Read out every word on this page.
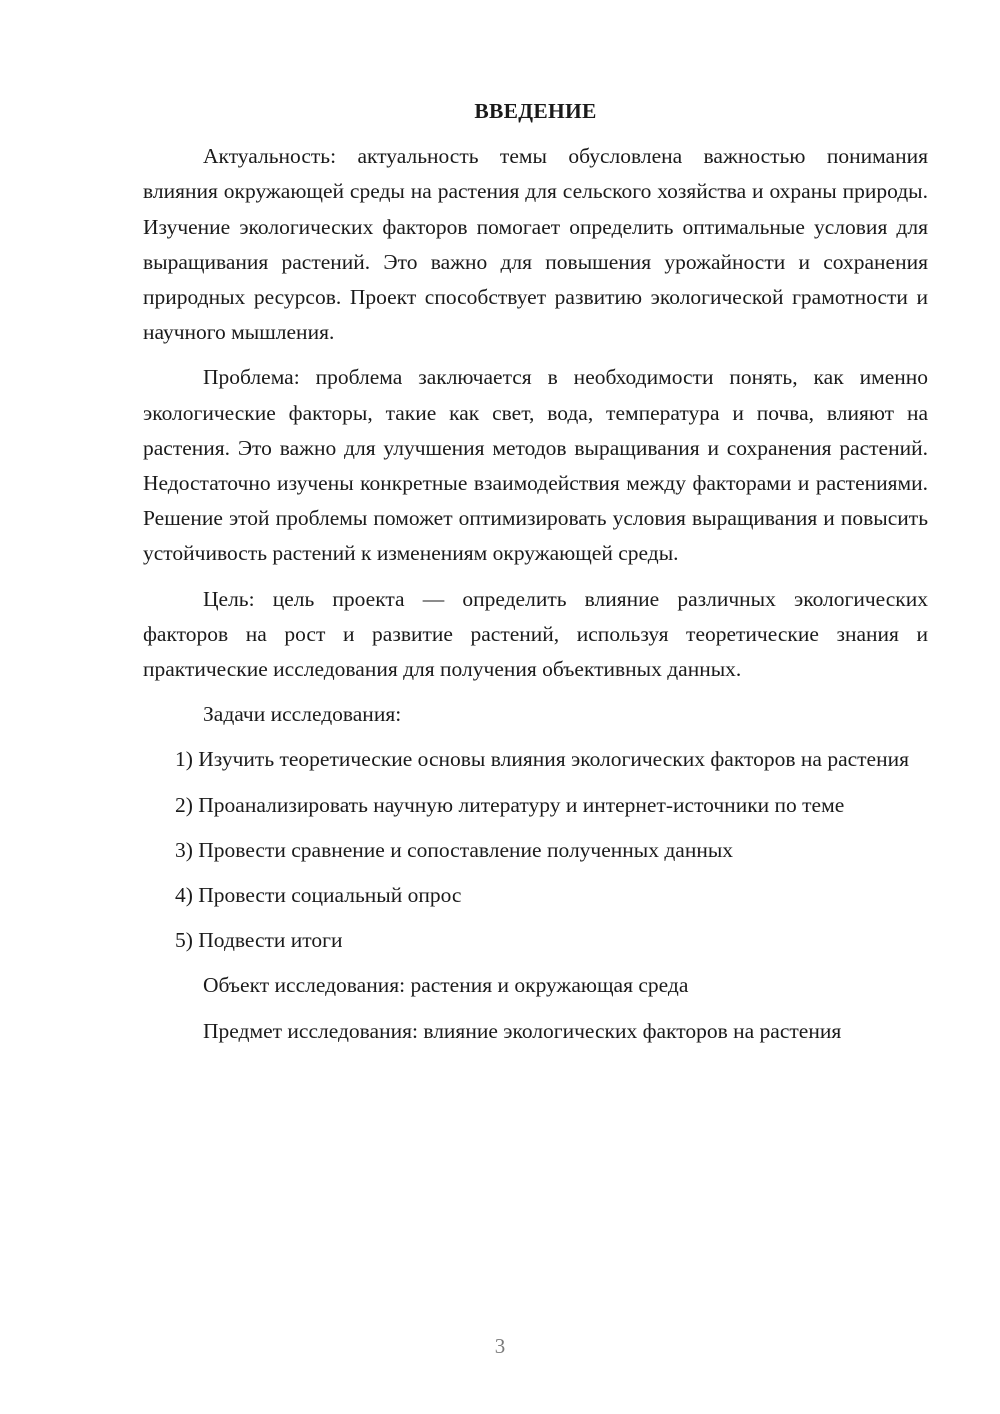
ВВЕДЕНИЕ

Актуальность: актуальность темы обусловлена важностью понимания влияния окружающей среды на растения для сельского хозяйства и охраны природы. Изучение экологических факторов помогает определить оптимальные условия для выращивания растений. Это важно для повышения урожайности и сохранения природных ресурсов. Проект способствует развитию экологической грамотности и научного мышления.

Проблема: проблема заключается в необходимости понять, как именно экологические факторы, такие как свет, вода, температура и почва, влияют на растения. Это важно для улучшения методов выращивания и сохранения растений. Недостаточно изучены конкретные взаимодействия между факторами и растениями. Решение этой проблемы поможет оптимизировать условия выращивания и повысить устойчивость растений к изменениям окружающей среды.

Цель: цель проекта — определить влияние различных экологических факторов на рост и развитие растений, используя теоретические знания и практические исследования для получения объективных данных.

Задачи исследования:

1) Изучить теоретические основы влияния экологических факторов на растения

2) Проанализировать научную литературу и интернет-источники по теме

3) Провести сравнение и сопоставление полученных данных

4) Провести социальный опрос

5) Подвести итоги

Объект исследования: растения и окружающая среда

Предмет исследования: влияние экологических факторов на растения

3
